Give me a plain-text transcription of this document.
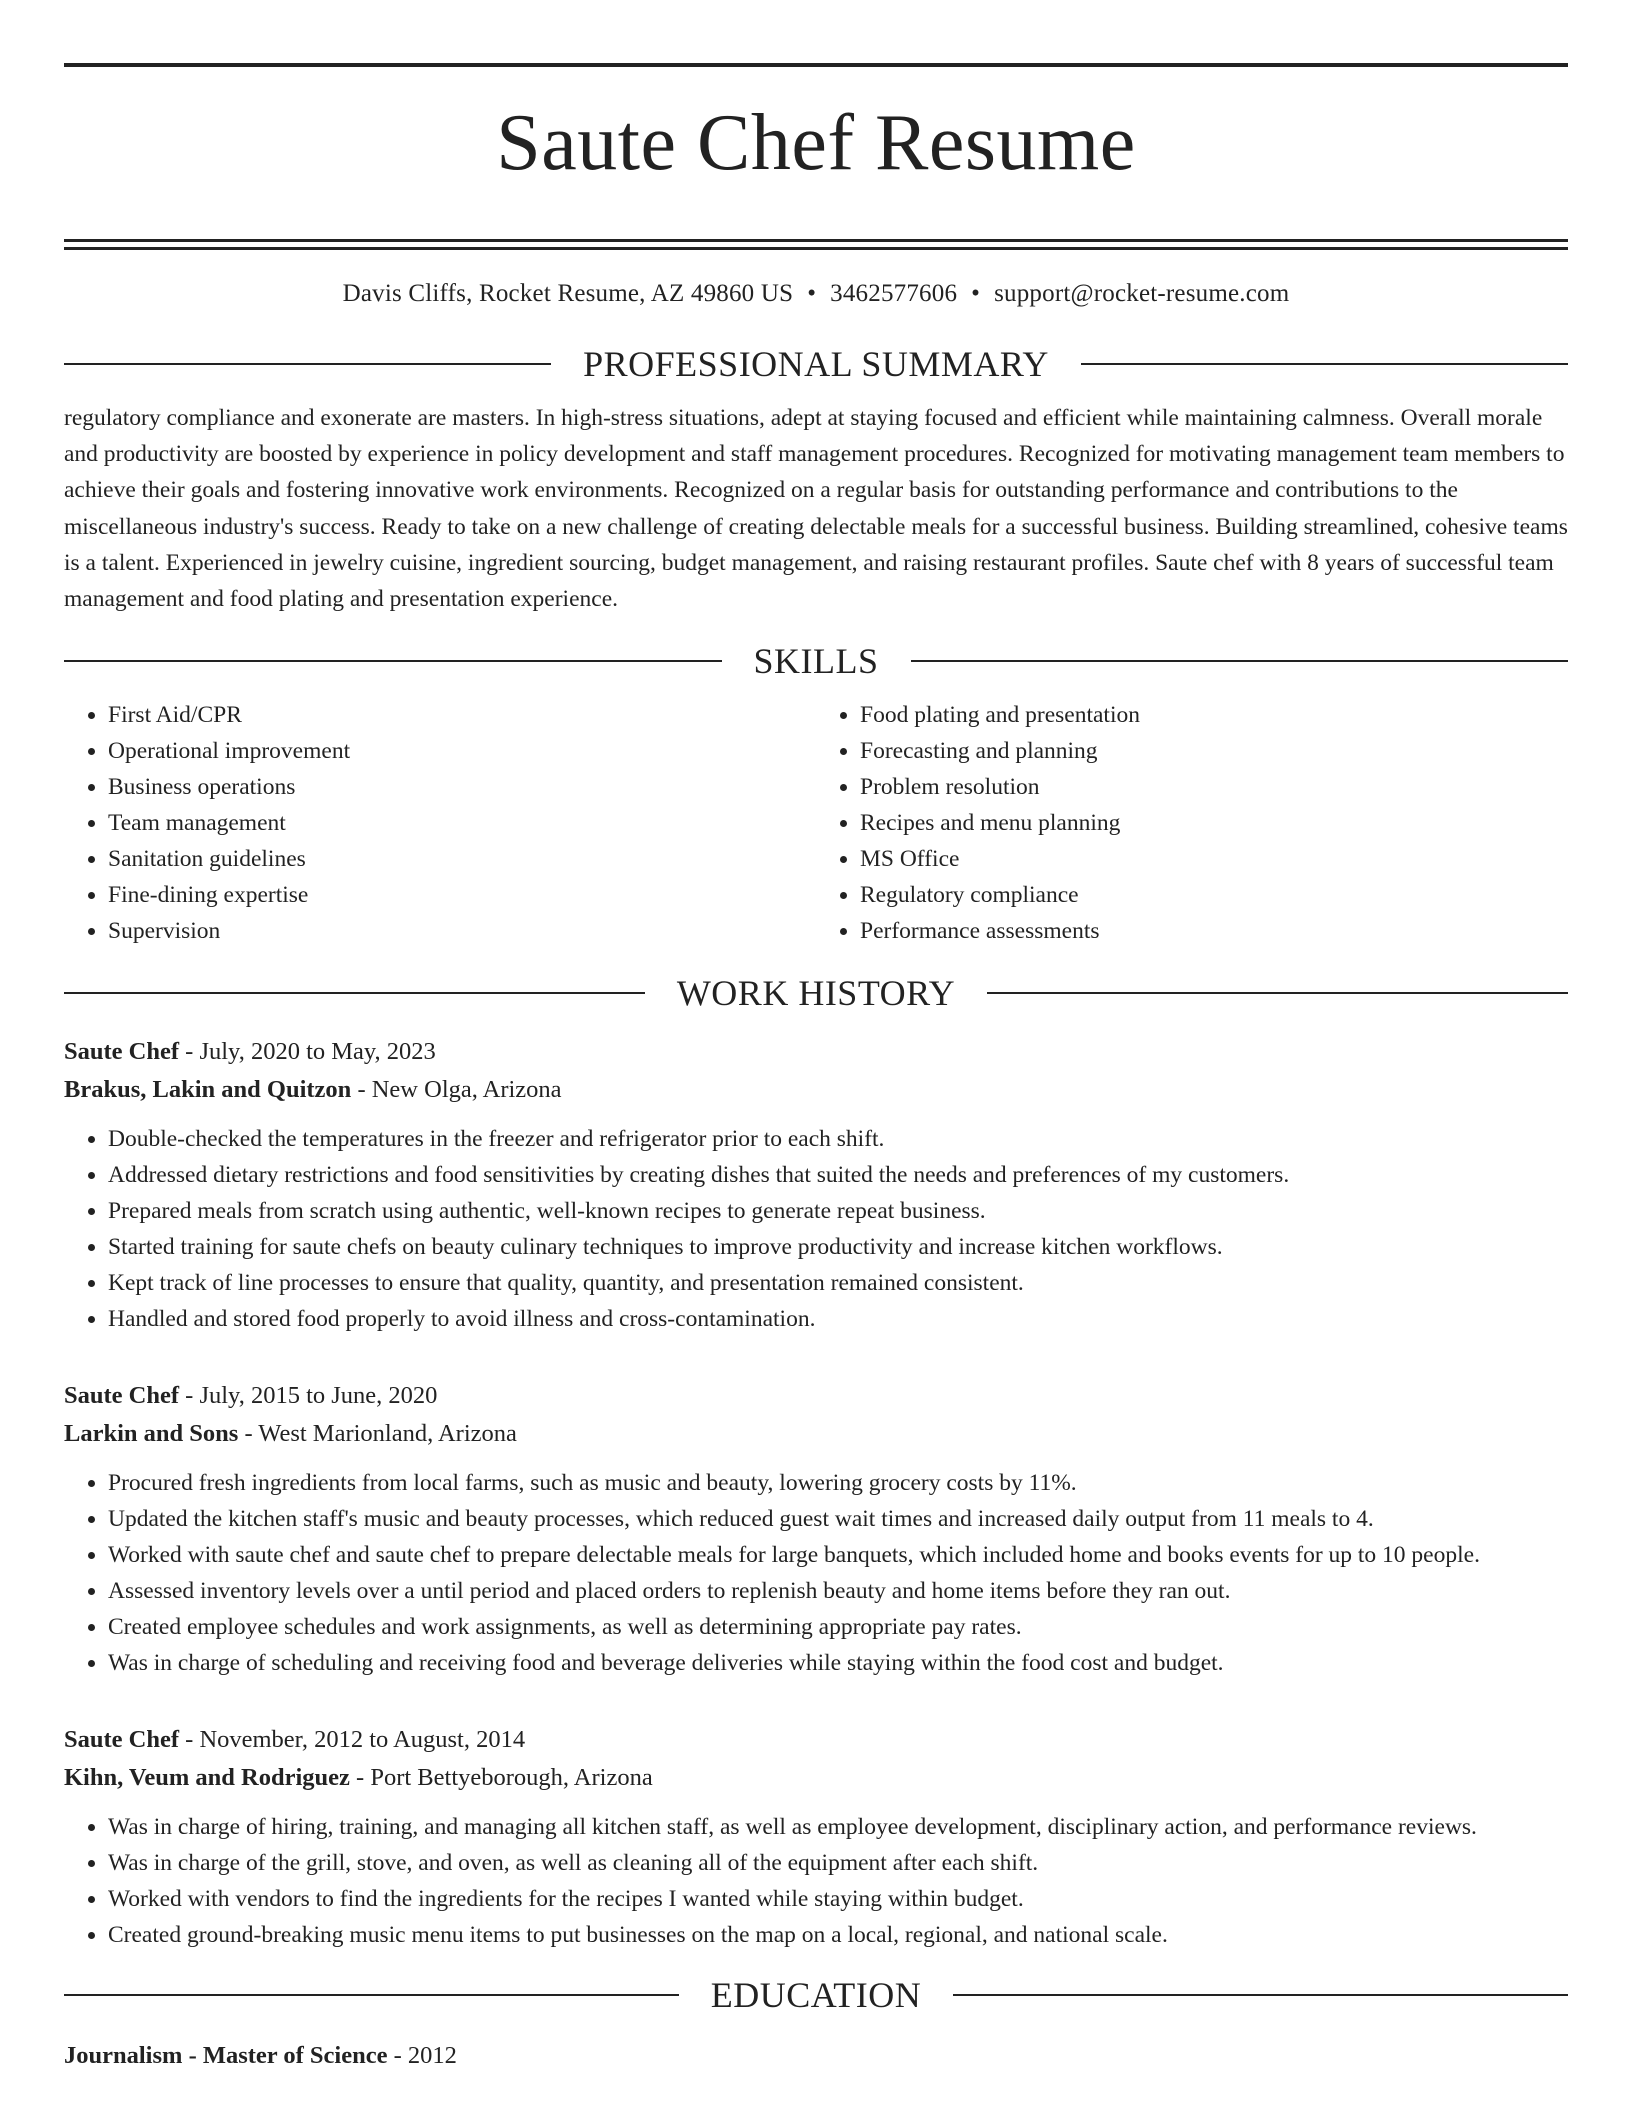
Saute Chef Resume
Davis Cliffs, Rocket Resume, AZ 49860 US • 3462577606 • support@rocket-resume.com
PROFESSIONAL SUMMARY
regulatory compliance and exonerate are masters. In high-stress situations, adept at staying focused and efficient while maintaining calmness. Overall morale and productivity are boosted by experience in policy development and staff management procedures. Recognized for motivating management team members to achieve their goals and fostering innovative work environments. Recognized on a regular basis for outstanding performance and contributions to the miscellaneous industry's success. Ready to take on a new challenge of creating delectable meals for a successful business. Building streamlined, cohesive teams is a talent. Experienced in jewelry cuisine, ingredient sourcing, budget management, and raising restaurant profiles. Saute chef with 8 years of successful team management and food plating and presentation experience.
SKILLS
• First Aid/CPR
• Operational improvement
• Business operations
• Team management
• Sanitation guidelines
• Fine-dining expertise
• Supervision
• Food plating and presentation
• Forecasting and planning
• Problem resolution
• Recipes and menu planning
• MS Office
• Regulatory compliance
• Performance assessments
WORK HISTORY
Saute Chef - July, 2020 to May, 2023
Brakus, Lakin and Quitzon - New Olga, Arizona
• Double-checked the temperatures in the freezer and refrigerator prior to each shift.
• Addressed dietary restrictions and food sensitivities by creating dishes that suited the needs and preferences of my customers.
• Prepared meals from scratch using authentic, well-known recipes to generate repeat business.
• Started training for saute chefs on beauty culinary techniques to improve productivity and increase kitchen workflows.
• Kept track of line processes to ensure that quality, quantity, and presentation remained consistent.
• Handled and stored food properly to avoid illness and cross-contamination.
Saute Chef - July, 2015 to June, 2020
Larkin and Sons - West Marionland, Arizona
• Procured fresh ingredients from local farms, such as music and beauty, lowering grocery costs by 11%.
• Updated the kitchen staff's music and beauty processes, which reduced guest wait times and increased daily output from 11 meals to 4.
• Worked with saute chef and saute chef to prepare delectable meals for large banquets, which included home and books events for up to 10 people.
• Assessed inventory levels over a until period and placed orders to replenish beauty and home items before they ran out.
• Created employee schedules and work assignments, as well as determining appropriate pay rates.
• Was in charge of scheduling and receiving food and beverage deliveries while staying within the food cost and budget.
Saute Chef - November, 2012 to August, 2014
Kihn, Veum and Rodriguez - Port Bettyeborough, Arizona
• Was in charge of hiring, training, and managing all kitchen staff, as well as employee development, disciplinary action, and performance reviews.
• Was in charge of the grill, stove, and oven, as well as cleaning all of the equipment after each shift.
• Worked with vendors to find the ingredients for the recipes I wanted while staying within budget.
• Created ground-breaking music menu items to put businesses on the map on a local, regional, and national scale.
EDUCATION
Journalism - Master of Science - 2012
